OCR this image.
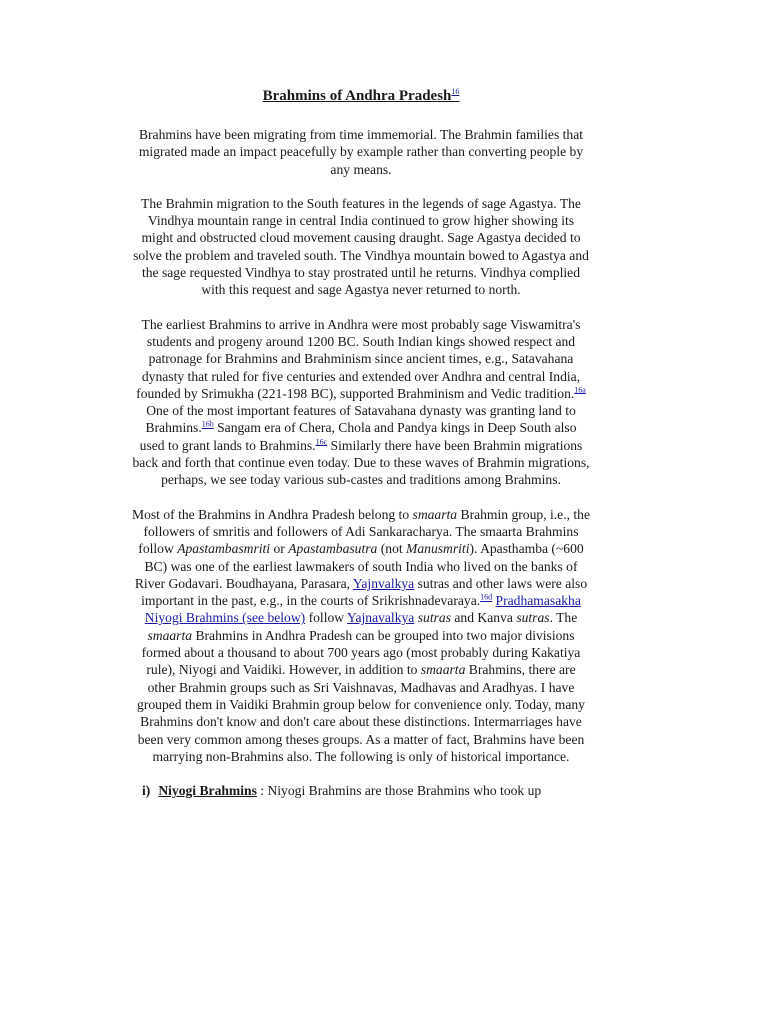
Brahmins of Andhra Pradesh$^{16}$

Brahmins have been migrating from time immemorial. The Brahmin families that migrated made an impact peacefully by example rather than converting people by any means.

The Brahmin migration to the South features in the legends of sage Agastya. The Vindhya mountain range in central India continued to grow higher showing its might and obstructed cloud movement causing draught. Sage Agastya decided to solve the problem and traveled south. The Vindhya mountain bowed to Agastya and the sage requested Vindhya to stay prostrated until he returns. Vindhya complied with this request and sage Agastya never returned to north.

The earliest Brahmins to arrive in Andhra were most probably sage Viswamitra's students and progeny around 1200 BC. South Indian kings showed respect and patronage for Brahmins and Brahminism since ancient times, e.g., Satavahana dynasty that ruled for five centuries and extended over Andhra and central India, founded by Srimukha (221-198 BC), supported Brahminism and Vedic tradition.$^{16a}$ One of the most important features of Satavahana dynasty was granting land to Brahmins.$^{16b}$ Sangam era of Chera, Chola and Pandya kings in Deep South also used to grant lands to Brahmins.$^{16c}$ Similarly there have been Brahmin migrations back and forth that continue even today. Due to these waves of Brahmin migrations, perhaps, we see today various sub-castes and traditions among Brahmins.

Most of the Brahmins in Andhra Pradesh belong to smaarta Brahmin group, i.e., the followers of smritis and followers of Adi Sankaracharya. The smaarta Brahmins follow Apastambasmriti or Apastambasutra (not Manusmriti). Apasthamba (~600 BC) was one of the earliest lawmakers of south India who lived on the banks of River Godavari. Boudhayana, Parasara, Yajnvalkya sutras and other laws were also important in the past, e.g., in the courts of Srikrishnadevaraya.$^{16d}$ Pradhamasakha Niyogi Brahmins (see below) follow Yajnavalkya sutras and Kanva sutras. The smaarta Brahmins in Andhra Pradesh can be grouped into two major divisions formed about a thousand to about 700 years ago (most probably during Kakatiya rule), Niyogi and Vaidiki. However, in addition to smaarta Brahmins, there are other Brahmin groups such as Sri Vaishnavas, Madhavas and Aradhyas. I have grouped them in Vaidiki Brahmin group below for convenience only. Today, many Brahmins don't know and don't care about these distinctions. Intermarriages have been very common among theses groups. As a matter of fact, Brahmins have been marrying non-Brahmins also. The following is only of historical importance.

i) Niyogi Brahmins : Niyogi Brahmins are those Brahmins who took up
